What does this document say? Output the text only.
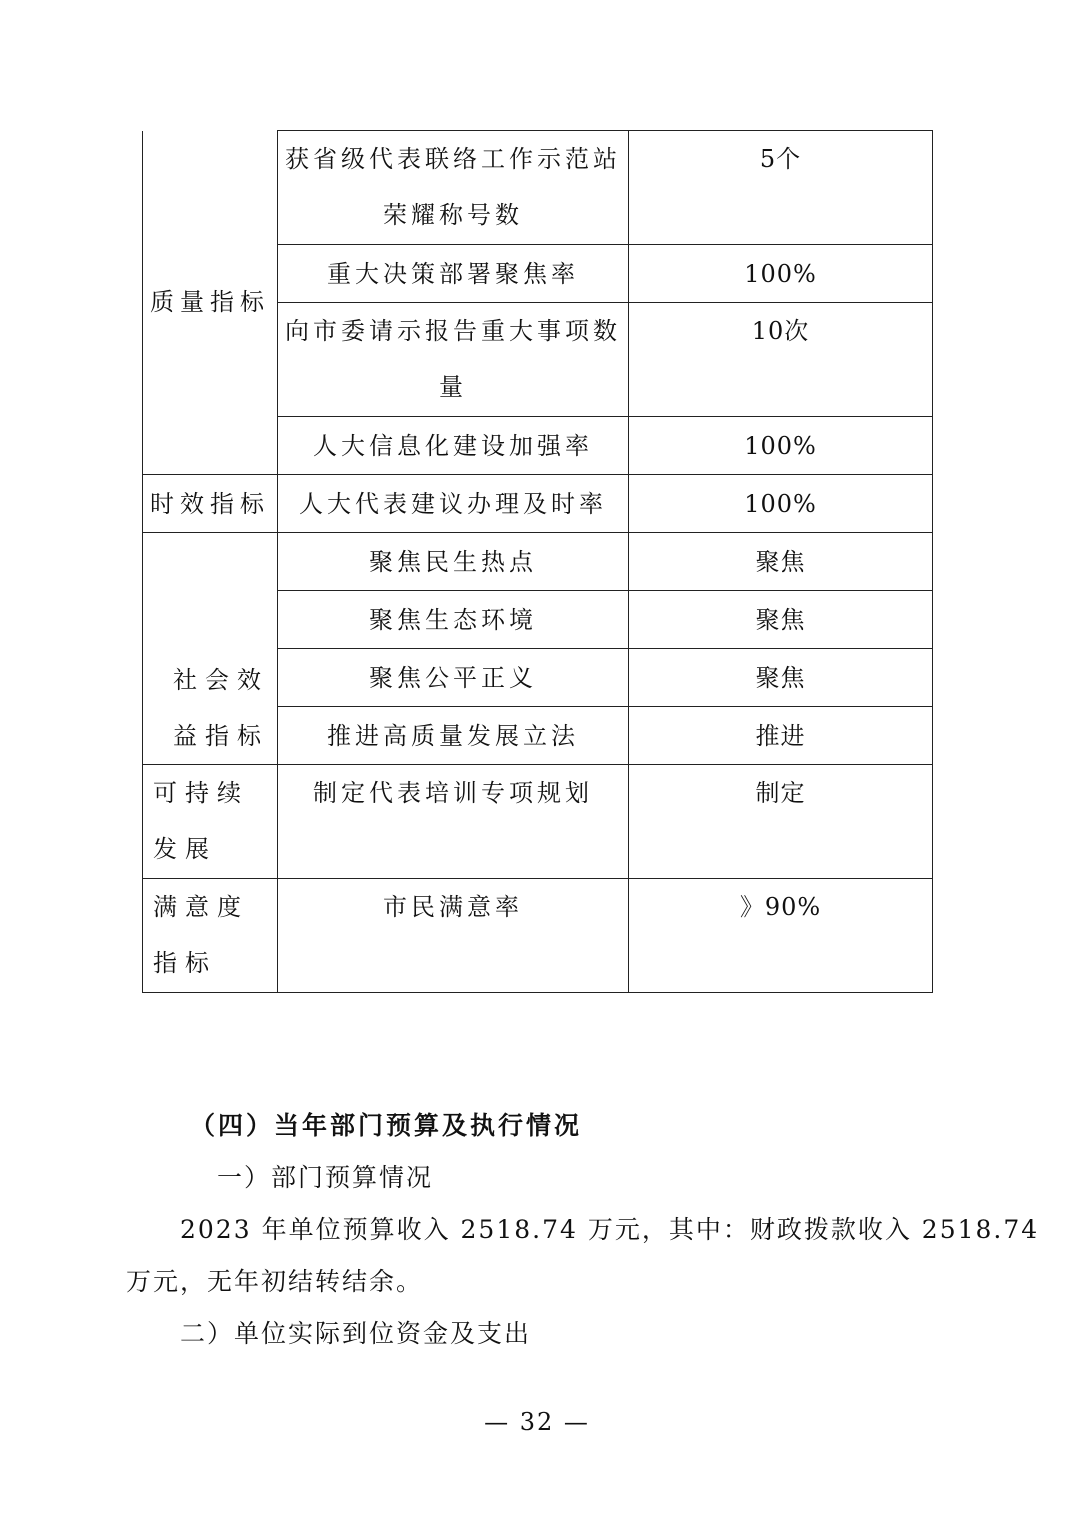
质量指标	获省级代表联络工作示范站荣耀称号数	5个
	重大决策部署聚焦率	100%
	向市委请示报告重大事项数量	10次
	人大信息化建设加强率	100%
时效指标	人大代表建议办理及时率	100%

社会效益指标	聚焦民生热点	聚焦
	聚焦生态环境	聚焦
	聚焦公平正义	聚焦
	推进高质量发展立法	推进
可持续发展	制定代表培训专项规划	制定
满意度指标	市民满意率	》90%
（四）当年部门预算及执行情况
一）部门预算情况
2023 年单位预算收入 2518.74 万元，其中：财政拨款收入 2518.74
万元，无年初结转结余。
二）单位实际到位资金及支出
— 32 —
